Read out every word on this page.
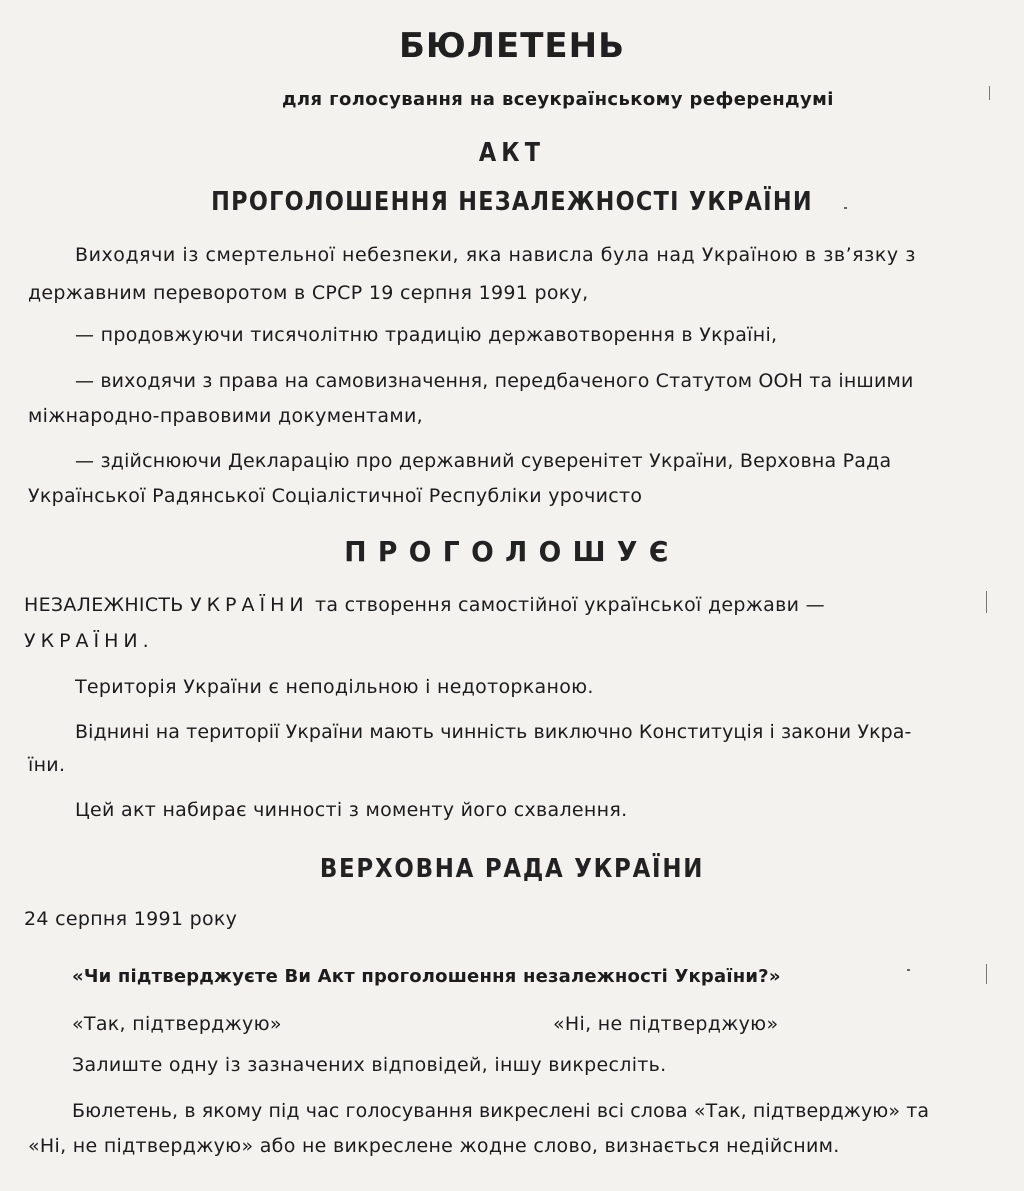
БЮЛЕТЕНЬ

для голосування на всеукраїнському референдумі

АКТ
ПРОГОЛОШЕННЯ НЕЗАЛЕЖНОСТІ УКРАЇНИ

Виходячи із смертельної небезпеки, яка нависла була над Україною в зв’язку з

державним переворотом в СРСР 19 серпня 1991 року,

— продовжуючи тисячолітню традицію державотворення в Україні,

— виходячи з права на самовизначення, передбаченого Статутом ООН та іншими

міжнародно-правовими документами,

— здійснюючи Декларацію про державний суверенітет України, Верховна Рада

Української Радянської Соціалістичної Республіки урочисто

ПРОГОЛОШУЄ

НЕЗАЛЕЖНІСТЬ УКРАЇНИ та створення самостійної української держави —

УКРАЇНИ.

Територія України є неподільною і недоторканою.

Віднині на території України мають чинність виключно Конституція і закони Укра-

їни.

Цей акт набирає чинності з моменту його схвалення.

ВЕРХОВНА РАДА УКРАЇНИ

24 серпня 1991 року

«Чи підтверджуєте Ви Акт проголошення незалежності України?»

«Так, підтверджую»	«Ні, не підтверджую»

Залиште одну із зазначених відповідей, іншу викресліть.

Бюлетень, в якому під час голосування викреслені всі слова «Так, підтверджую» та

«Ні, не підтверджую» або не викреслене жодне слово, визнається недійсним.
